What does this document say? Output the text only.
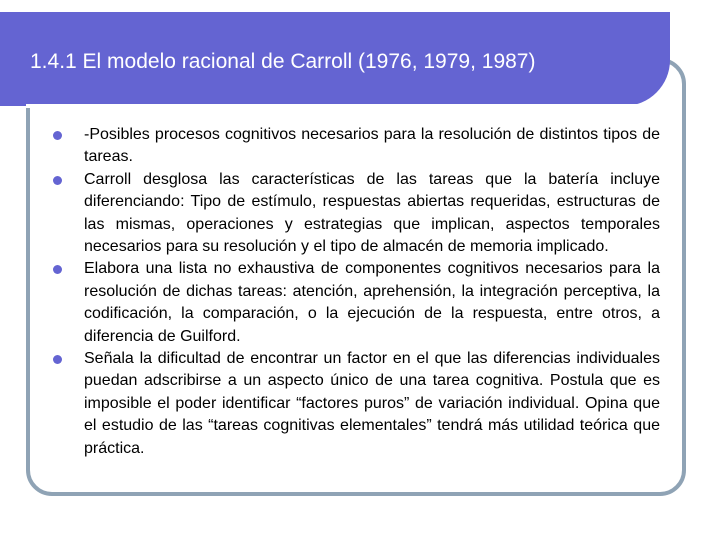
1.4.1 El modelo racional de Carroll (1976, 1979, 1987)
-Posibles procesos cognitivos necesarios para la resolución de distintos tipos de tareas.
Carroll desglosa las características de las tareas que la batería incluye diferenciando: Tipo de estímulo, respuestas abiertas requeridas, estructuras de las mismas, operaciones y estrategias que implican, aspectos temporales necesarios para su resolución y el tipo de almacén de memoria implicado.
Elabora una lista no exhaustiva de componentes cognitivos necesarios para la resolución de dichas tareas: atención, aprehensión, la integración perceptiva, la codificación, la comparación, o la ejecución de la respuesta, entre otros, a diferencia de Guilford.
Señala la dificultad de encontrar un factor en el que las diferencias individuales puedan adscribirse a un aspecto único de una tarea cognitiva. Postula que es imposible el poder identificar “factores puros” de variación individual. Opina que el estudio de las “tareas cognitivas elementales” tendrá más utilidad teórica que práctica.
